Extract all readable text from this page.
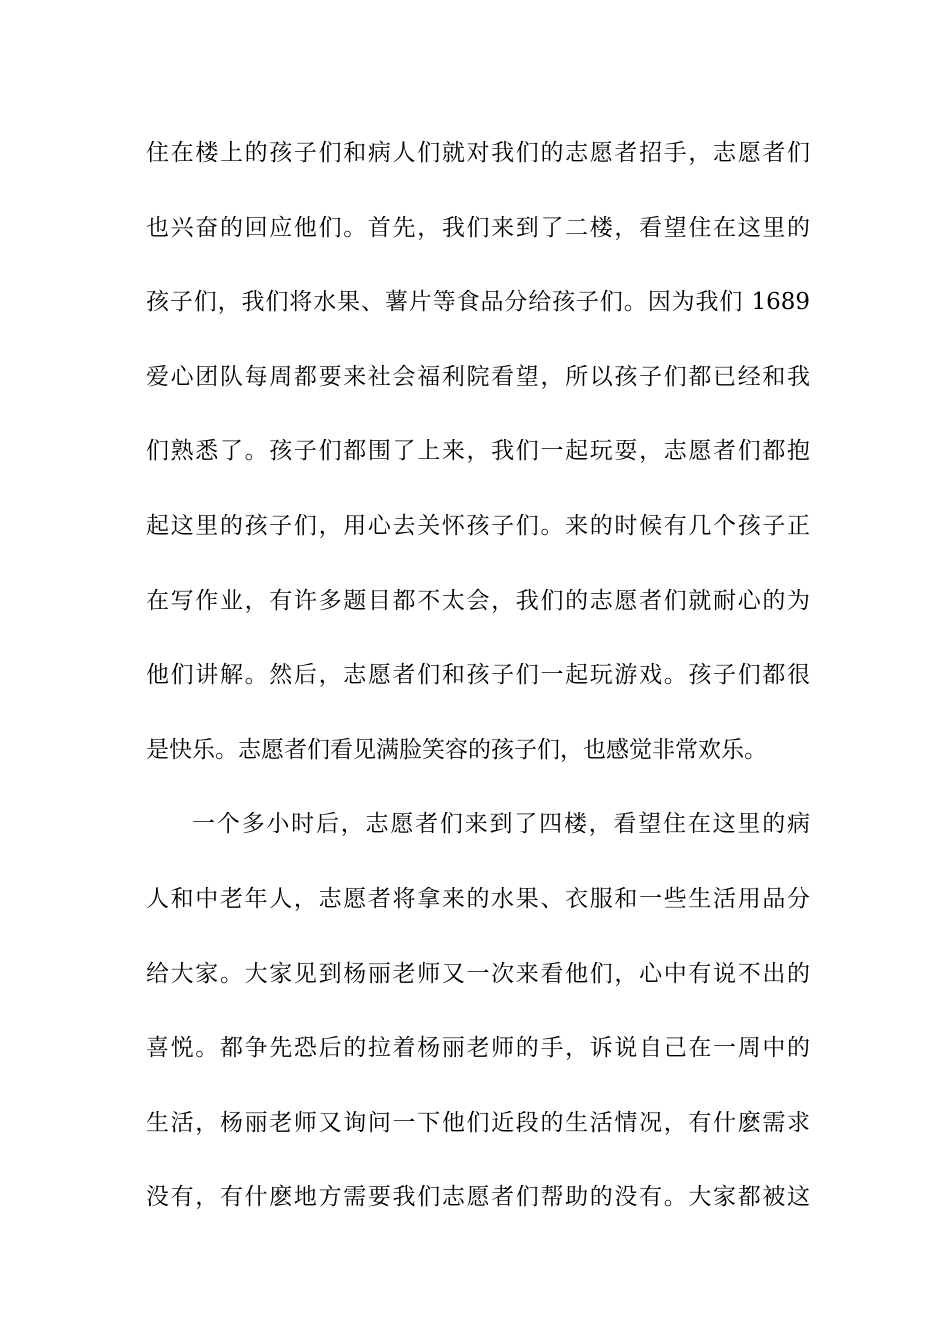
住在楼上的孩子们和病人们就对我们的志愿者招手，志愿者们
也兴奋的回应他们。首先，我们来到了二楼，看望住在这里的
孩子们，我们将水果、薯片等食品分给孩子们。因为我们 1689
爱心团队每周都要来社会福利院看望，所以孩子们都已经和我
们熟悉了。孩子们都围了上来，我们一起玩耍，志愿者们都抱
起这里的孩子们，用心去关怀孩子们。来的时候有几个孩子正
在写作业，有许多题目都不太会，我们的志愿者们就耐心的为
他们讲解。然后，志愿者们和孩子们一起玩游戏。孩子们都很
是快乐。志愿者们看见满脸笑容的孩子们，也感觉非常欢乐。
一个多小时后，志愿者们来到了四楼，看望住在这里的病
人和中老年人，志愿者将拿来的水果、衣服和一些生活用品分
给大家。大家见到杨丽老师又一次来看他们，心中有说不出的
喜悦。都争先恐后的拉着杨丽老师的手，诉说自己在一周中的
生活，杨丽老师又询问一下他们近段的生活情况，有什麽需求
没有，有什麽地方需要我们志愿者们帮助的没有。大家都被这
